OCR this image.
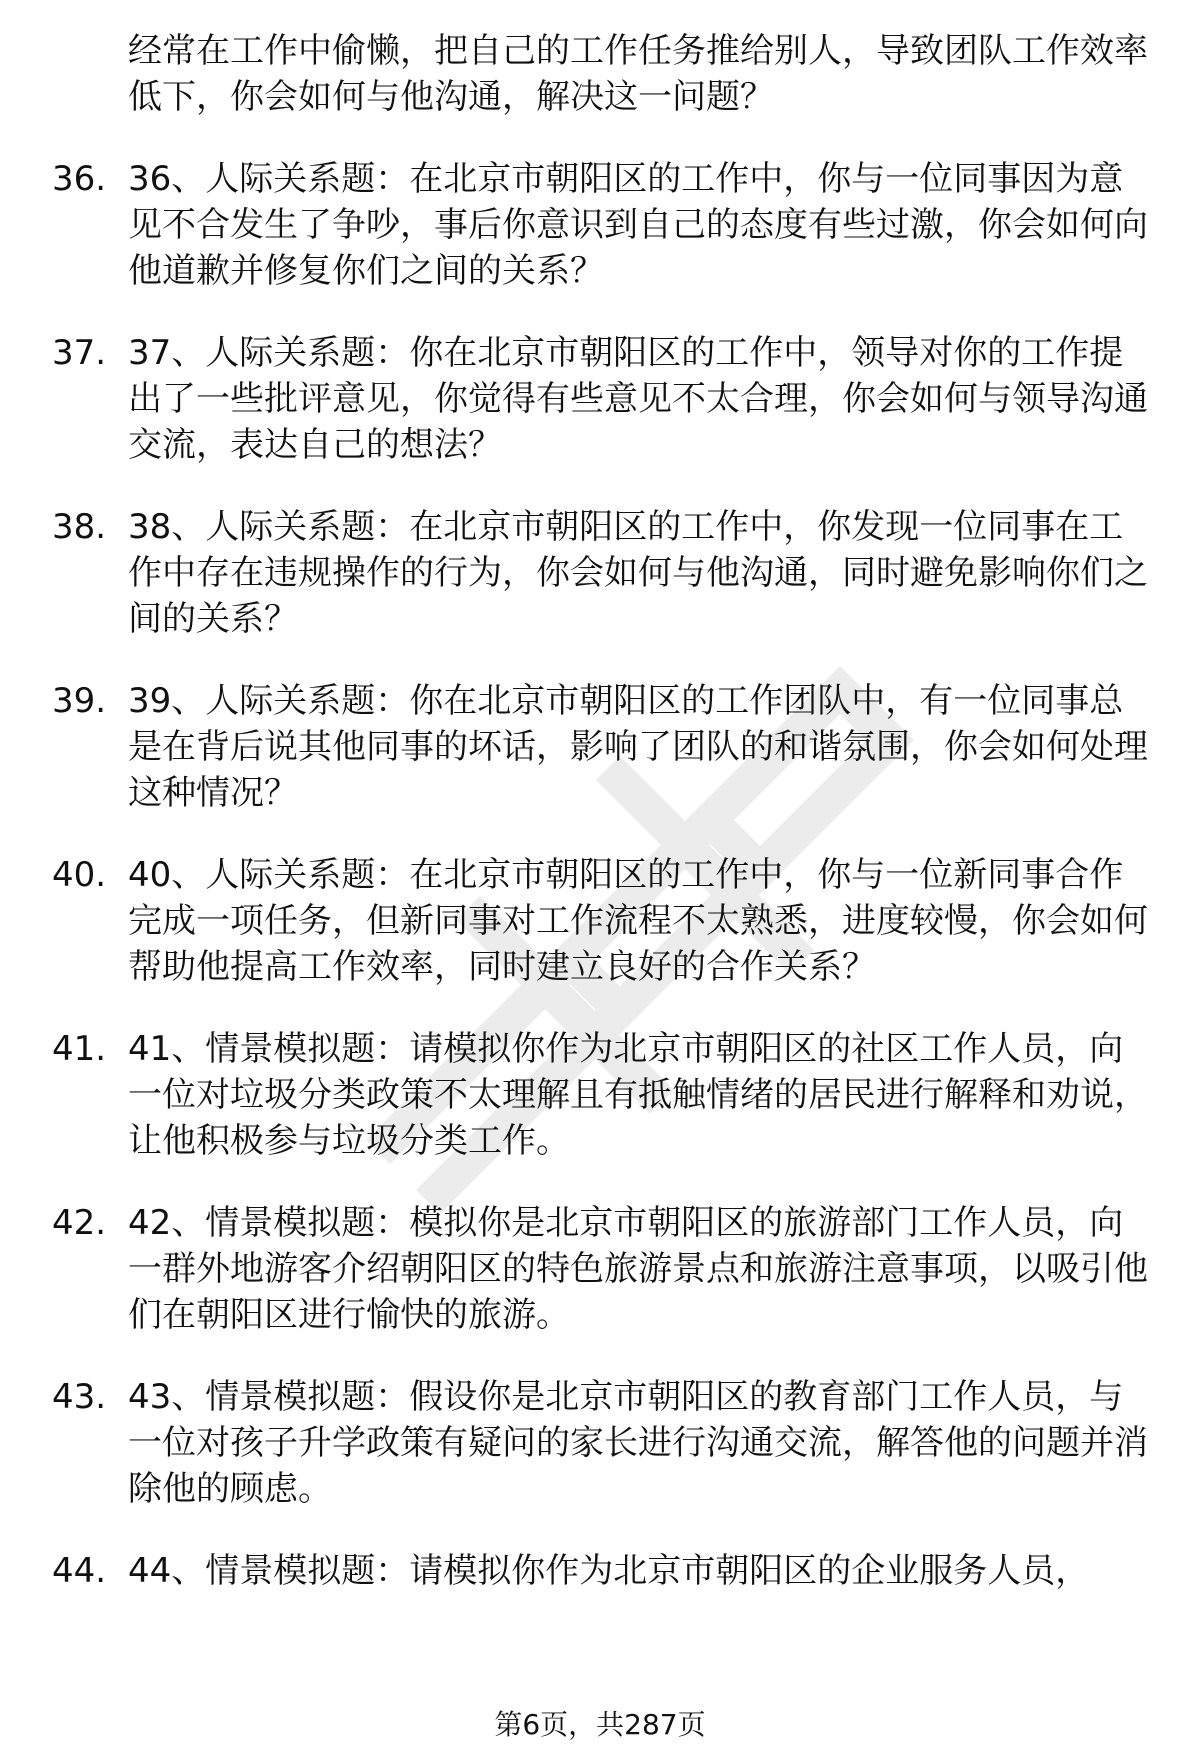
经常在工作中偷懒，把自己的工作任务推给别人，导致团队工作效率低下，你会如何与他沟通，解决这一问题？
36. 36、人际关系题：在北京市朝阳区的工作中，你与一位同事因为意见不合发生了争吵，事后你意识到自己的态度有些过激，你会如何向他道歉并修复你们之间的关系？
37. 37、人际关系题：你在北京市朝阳区的工作中，领导对你的工作提出了一些批评意见，你觉得有些意见不太合理，你会如何与领导沟通交流，表达自己的想法？
38. 38、人际关系题：在北京市朝阳区的工作中，你发现一位同事在工作中存在违规操作的行为，你会如何与他沟通，同时避免影响你们之间的关系？
39. 39、人际关系题：你在北京市朝阳区的工作团队中，有一位同事总是在背后说其他同事的坏话，影响了团队的和谐氛围，你会如何处理这种情况？
40. 40、人际关系题：在北京市朝阳区的工作中，你与一位新同事合作完成一项任务，但新同事对工作流程不太熟悉，进度较慢，你会如何帮助他提高工作效率，同时建立良好的合作关系？
41. 41、情景模拟题：请模拟你作为北京市朝阳区的社区工作人员，向一位对垃圾分类政策不太理解且有抵触情绪的居民进行解释和劝说，让他积极参与垃圾分类工作。
42. 42、情景模拟题：模拟你是北京市朝阳区的旅游部门工作人员，向一群外地游客介绍朝阳区的特色旅游景点和旅游注意事项，以吸引他们在朝阳区进行愉快的旅游。
43. 43、情景模拟题：假设你是北京市朝阳区的教育部门工作人员，与一位对孩子升学政策有疑问的家长进行沟通交流，解答他的问题并消除他的顾虑。
44. 44、情景模拟题：请模拟你作为北京市朝阳区的企业服务人员，
第6页，共287页
